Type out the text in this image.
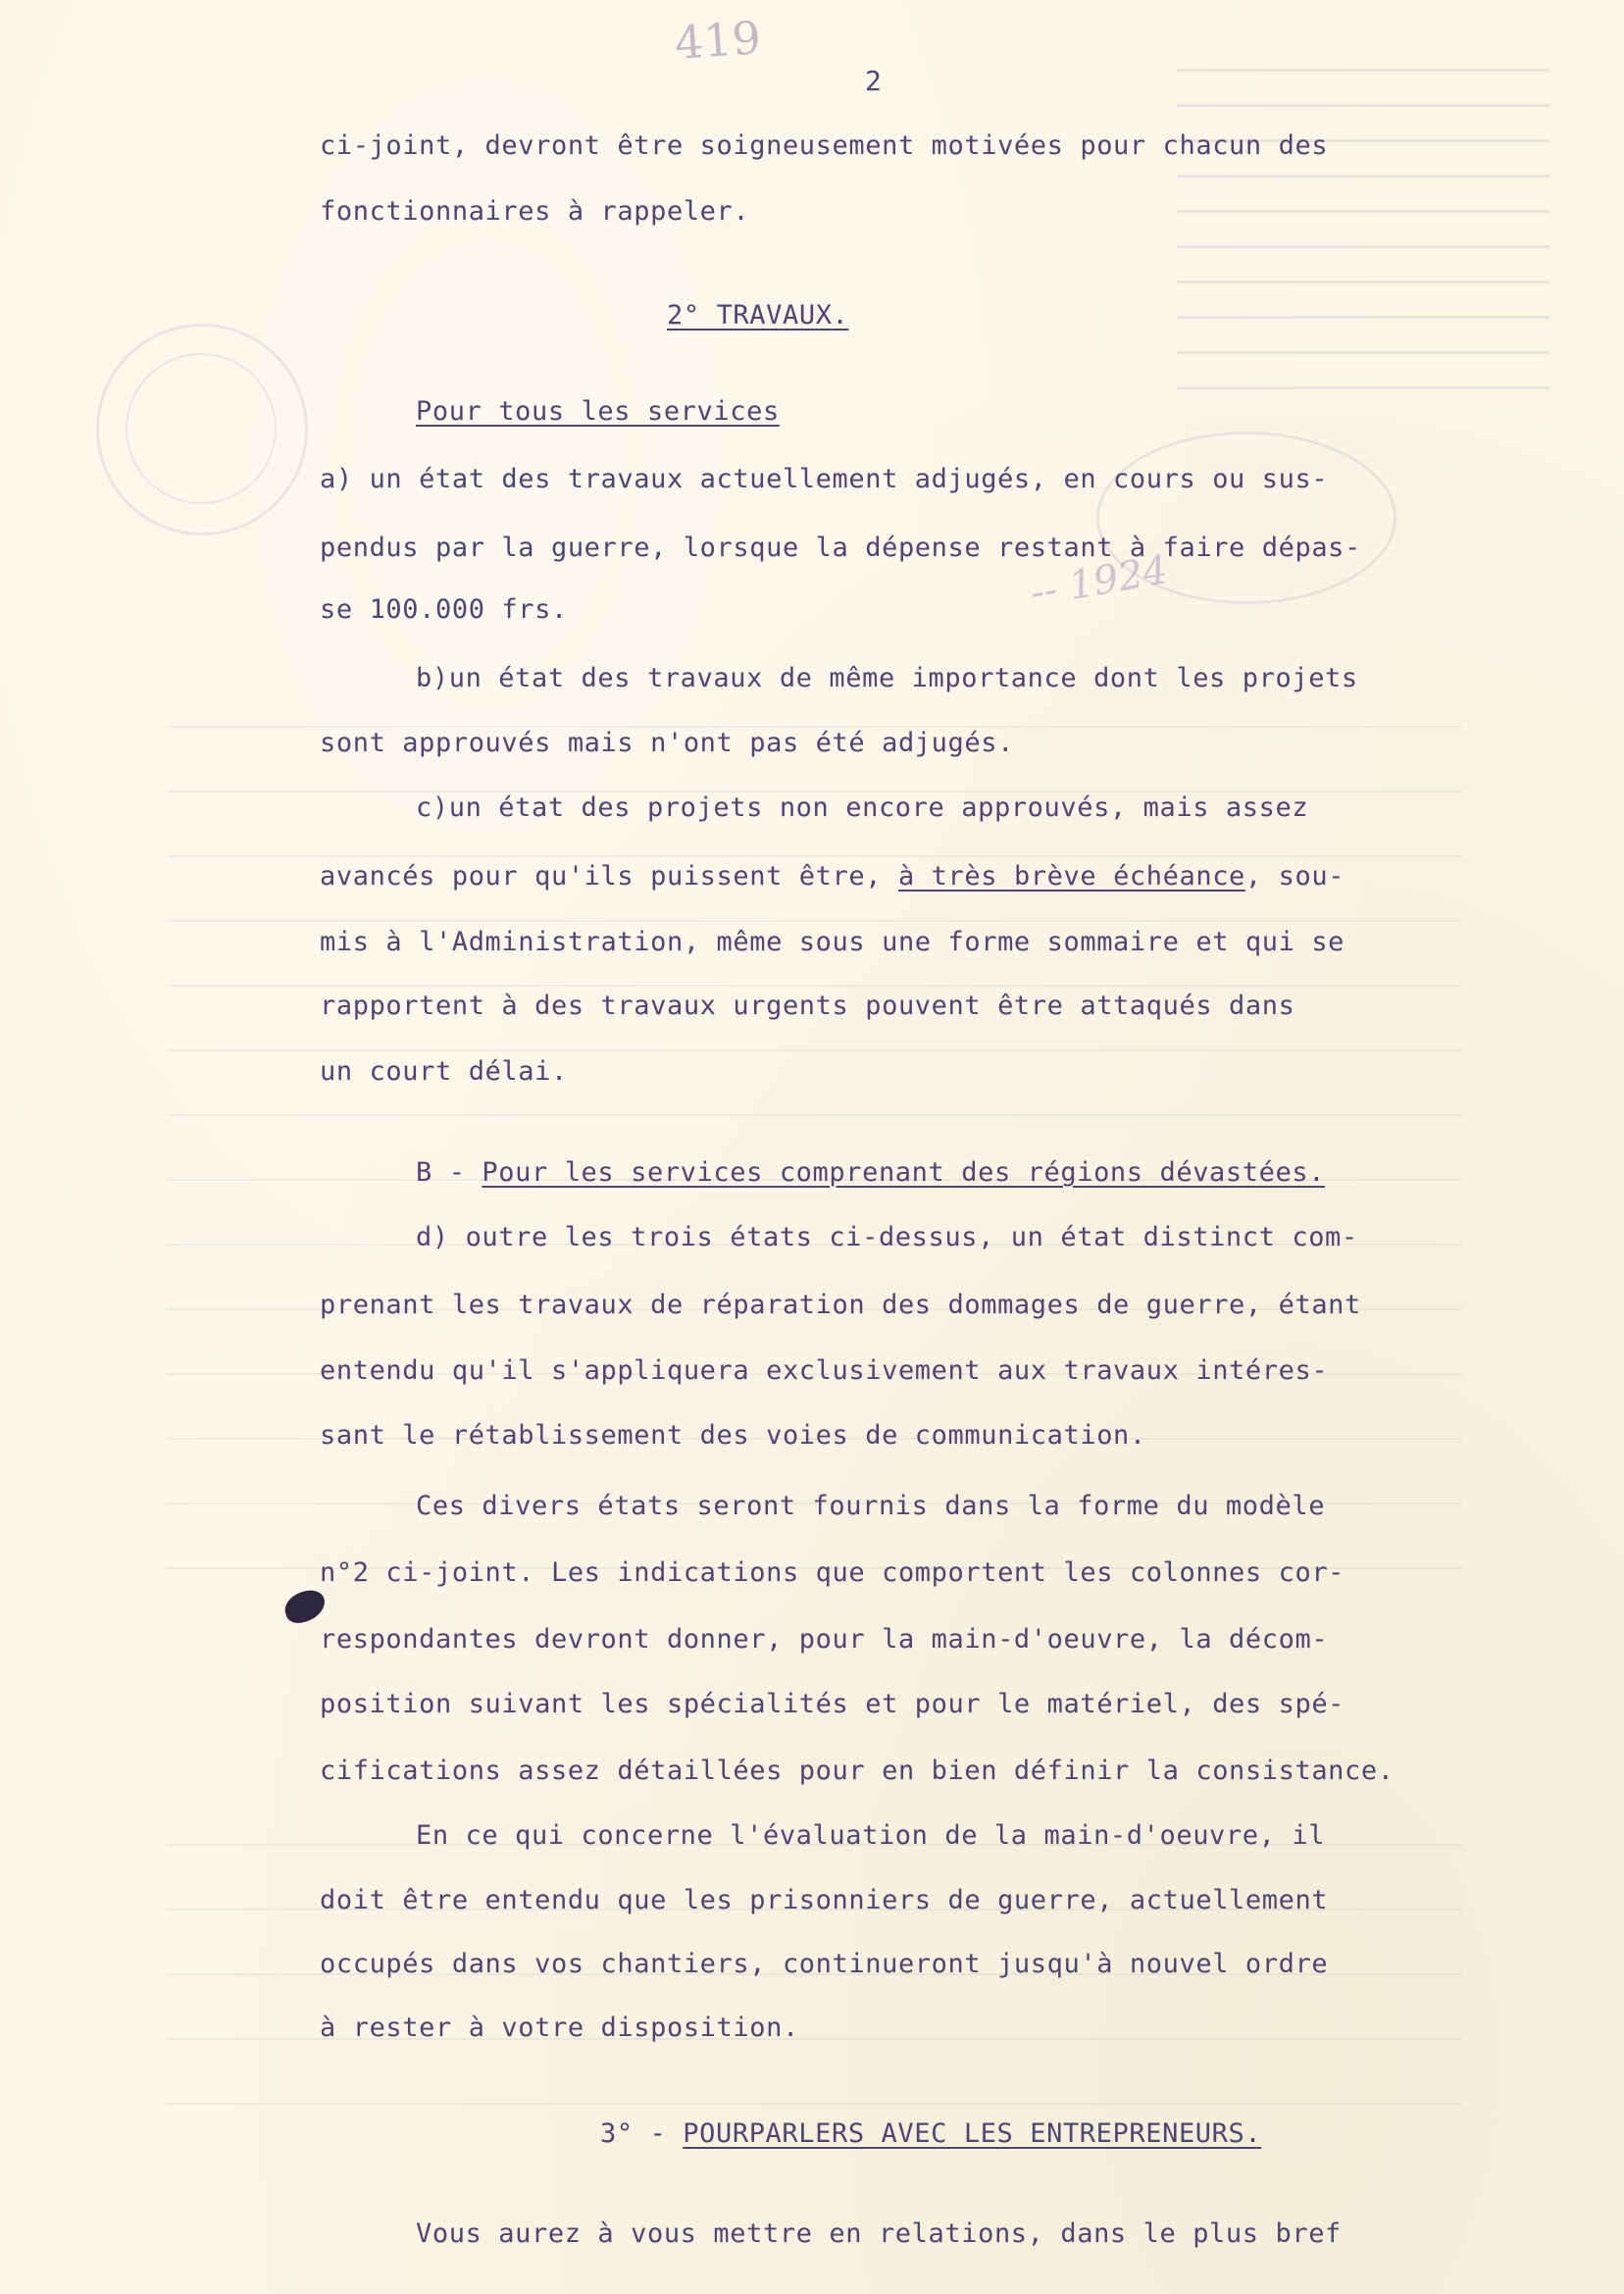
419
2
-- 1924
ci-joint, devront être soigneusement motivées pour chacun des
fonctionnaires à rappeler.
2° TRAVAUX.
Pour tous les services
a) un état des travaux actuellement adjugés, en cours ou sus-
pendus par la guerre, lorsque la dépense restant à faire dépas-
se 100.000 frs.
b)un état des travaux de même importance dont les projets
sont approuvés mais n'ont pas été adjugés.
c)un état des projets non encore approuvés, mais assez
avancés pour qu'ils puissent être, à très brève échéance, sou-
mis à l'Administration, même sous une forme sommaire et qui se
rapportent à des travaux urgents pouvent être attaqués dans
un court délai.
B - Pour les services comprenant des régions dévastées.
d) outre les trois états ci-dessus, un état distinct com-
prenant les travaux de réparation des dommages de guerre, étant
entendu qu'il s'appliquera exclusivement aux travaux intéres-
sant le rétablissement des voies de communication.
Ces divers états seront fournis dans la forme du modèle
n°2 ci-joint. Les indications que comportent les colonnes cor-
respondantes devront donner, pour la main-d'oeuvre, la décom-
position suivant les spécialités et pour le matériel, des spé-
cifications assez détaillées pour en bien définir la consistance.
En ce qui concerne l'évaluation de la main-d'oeuvre, il
doit être entendu que les prisonniers de guerre, actuellement
occupés dans vos chantiers, continueront jusqu'à nouvel ordre
à rester à votre disposition.
3° - POURPARLERS AVEC LES ENTREPRENEURS.
Vous aurez à vous mettre en relations, dans le plus bref
